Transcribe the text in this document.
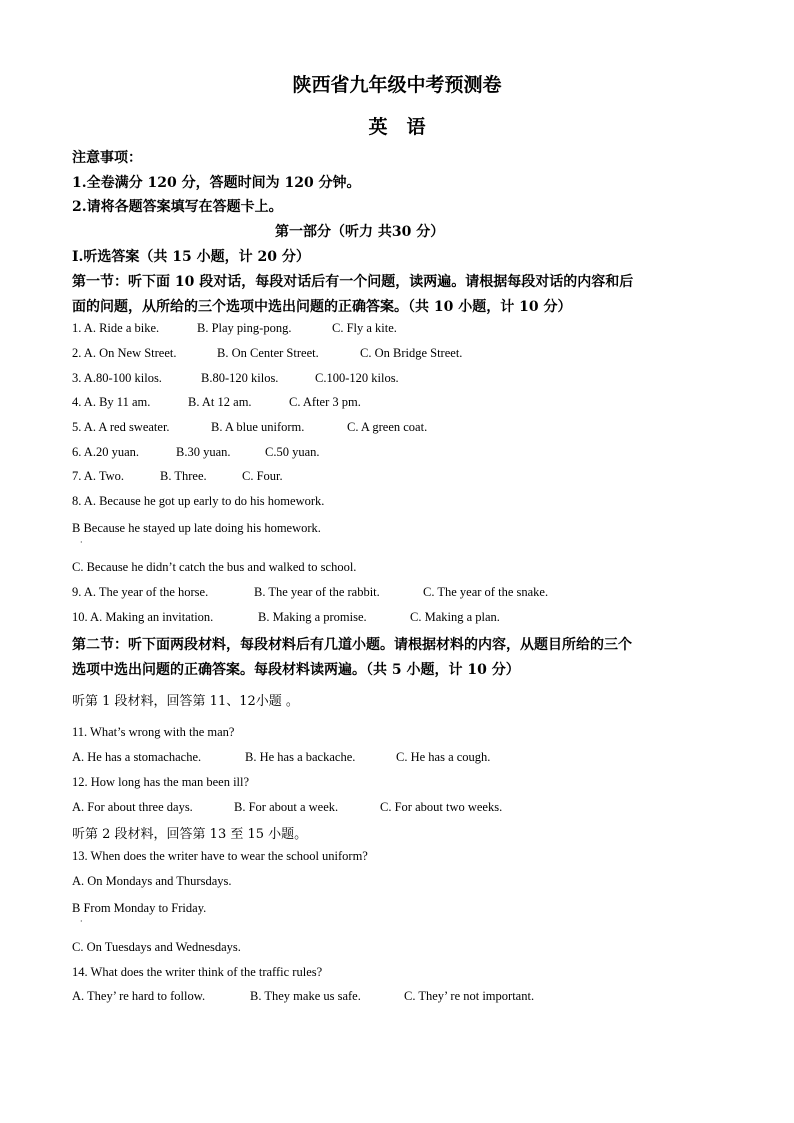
陕西省九年级中考预测卷
英　语
注意事项：
1.全卷满分 120 分，答题时间为 120 分钟。
2.请将各题答案填写在答题卡上。
第一部分（听力 共30 分）
Ⅰ.听选答案（共 15 小题，计 20 分）
第一节：听下面 10 段对话，每段对话后有一个问题，读两遍。请根据每段对话的内容和后
面的问题，从所给的三个选项中选出问题的正确答案。（共 10 小题，计 10 分）
1. A. Ride a bike.	B. Play ping-pong.	C. Fly a kite.
2. A. On New Street.	B. On Center Street.	C. On Bridge Street.
3. A.80-100 kilos.	B.80-120 kilos.	C.100-120 kilos.
4. A. By 11 am.	B. At 12 am.	C. After 3 pm.
5. A. A red sweater.	B. A blue uniform.	C. A green coat.
6. A.20 yuan.	B.30 yuan.	C.50 yuan.
7. A. Two.	B. Three.	C. Four.
8. A. Because he got up early to do his homework.
B Because he stayed up late doing his homework.
·
C. Because he didn’t catch the bus and walked to school.
9. A. The year of the horse.	B. The year of the rabbit.	C. The year of the snake.
10. A. Making an invitation.	B. Making a promise.	C. Making a plan.
第二节：听下面两段材料，每段材料后有几道小题。请根据材料的内容，从题目所给的三个
选项中选出问题的正确答案。每段材料读两遍。（共 5 小题，计 10 分）
听第 1 段材料，回答第 11、12小题 。
11. What’s wrong with the man?
A. He has a stomachache.	B. He has a backache.	C. He has a cough.
12. How long has the man been ill?
A. For about three days.	B. For about a week.	C. For about two weeks.
听第 2 段材料，回答第 13 至 15 小题。
13. When does the writer have to wear the school uniform?
A. On Mondays and Thursdays.
B From Monday to Friday.
·
C. On Tuesdays and Wednesdays.
14. What does the writer think of the traffic rules?
A. They’ re hard to follow.	B. They make us safe.	C. They’ re not important.
